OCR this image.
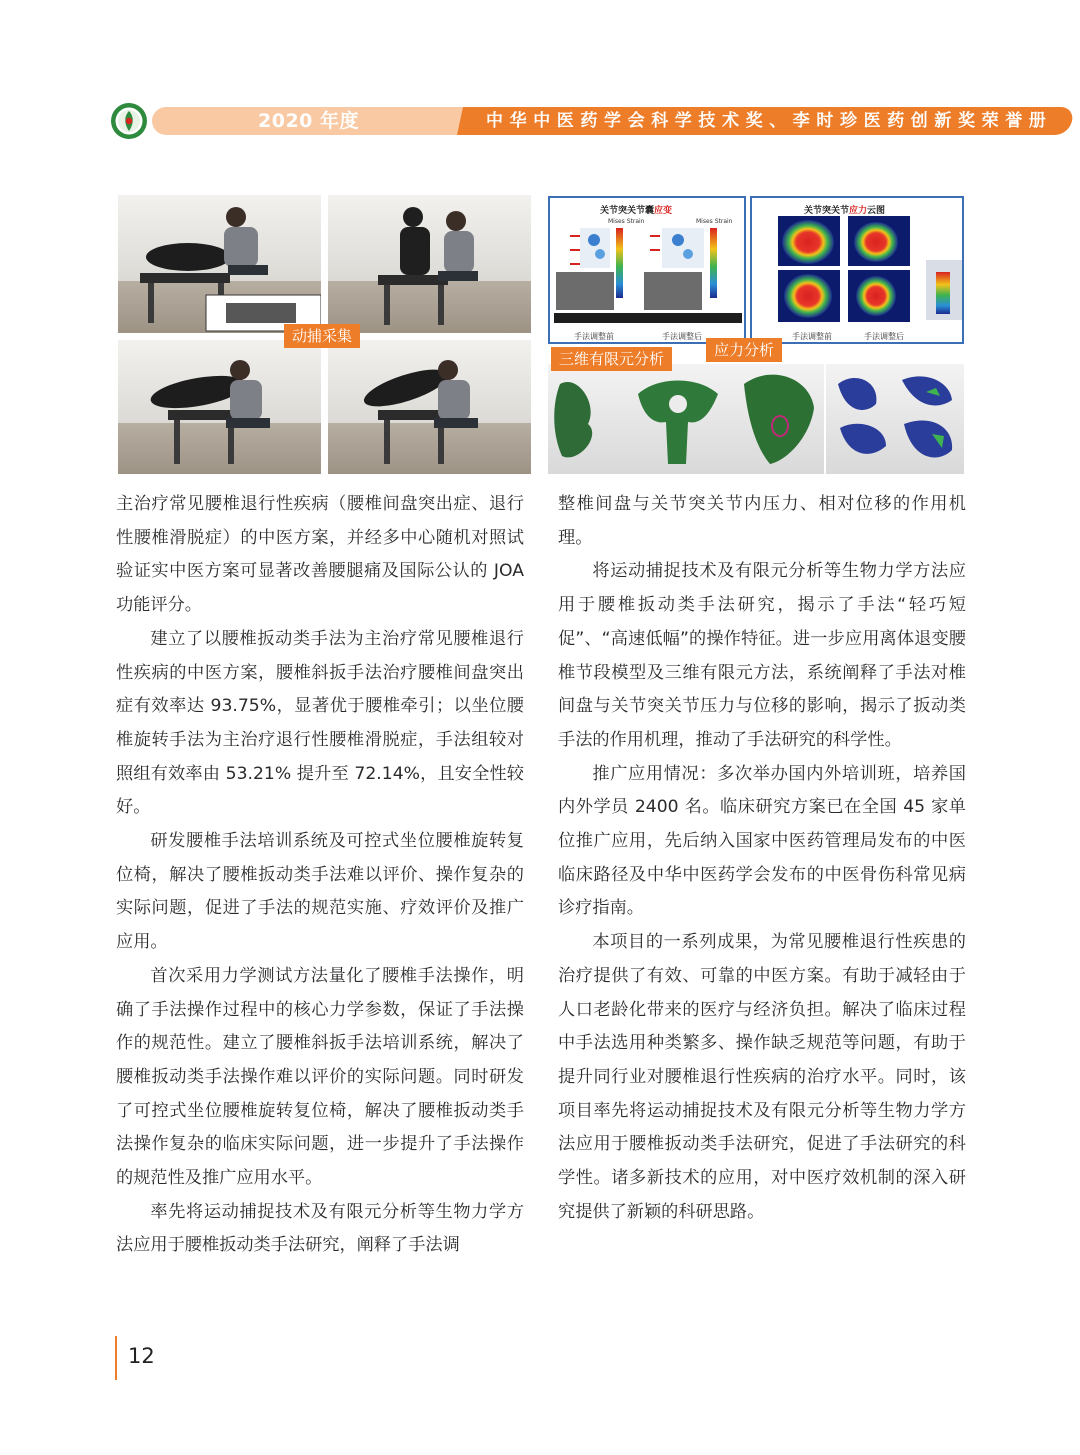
2020 年度	中华中医药学会科学技术奖、李时珍医药创新奖荣誉册
动捕采集
关节突关节囊应变
Mises Strain	Mises Strain
手法调整前	手法调整后
关节突关节应力云图
手法调整前	手法调整后
三维有限元分析	应力分析

主治疗常见腰椎退行性疾病（腰椎间盘突出症、退行性腰椎滑脱症）的中医方案，并经多中心随机对照试验证实中医方案可显著改善腰腿痛及国际公认的 JOA 功能评分。

建立了以腰椎扳动类手法为主治疗常见腰椎退行性疾病的中医方案，腰椎斜扳手法治疗腰椎间盘突出症有效率达 93.75%，显著优于腰椎牵引；以坐位腰椎旋转手法为主治疗退行性腰椎滑脱症，手法组较对照组有效率由 53.21% 提升至 72.14%，且安全性较好。

研发腰椎手法培训系统及可控式坐位腰椎旋转复位椅，解决了腰椎扳动类手法难以评价、操作复杂的实际问题，促进了手法的规范实施、疗效评价及推广应用。

首次采用力学测试方法量化了腰椎手法操作，明确了手法操作过程中的核心力学参数，保证了手法操作的规范性。建立了腰椎斜扳手法培训系统，解决了腰椎扳动类手法操作难以评价的实际问题。同时研发了可控式坐位腰椎旋转复位椅，解决了腰椎扳动类手法操作复杂的临床实际问题，进一步提升了手法操作的规范性及推广应用水平。

率先将运动捕捉技术及有限元分析等生物力学方法应用于腰椎扳动类手法研究，阐释了手法调

整椎间盘与关节突关节内压力、相对位移的作用机理。

将运动捕捉技术及有限元分析等生物力学方法应用于腰椎扳动类手法研究，揭示了手法“轻巧短促”、“高速低幅”的操作特征。进一步应用离体退变腰椎节段模型及三维有限元方法，系统阐释了手法对椎间盘与关节突关节压力与位移的影响，揭示了扳动类手法的作用机理，推动了手法研究的科学性。

推广应用情况：多次举办国内外培训班，培养国内外学员 2400 名。临床研究方案已在全国 45 家单位推广应用，先后纳入国家中医药管理局发布的中医临床路径及中华中医药学会发布的中医骨伤科常见病诊疗指南。

本项目的一系列成果，为常见腰椎退行性疾患的治疗提供了有效、可靠的中医方案。有助于减轻由于人口老龄化带来的医疗与经济负担。解决了临床过程中手法选用种类繁多、操作缺乏规范等问题，有助于提升同行业对腰椎退行性疾病的治疗水平。同时，该项目率先将运动捕捉技术及有限元分析等生物力学方法应用于腰椎扳动类手法研究，促进了手法研究的科学性。诸多新技术的应用，对中医疗效机制的深入研究提供了新颖的科研思路。

12
